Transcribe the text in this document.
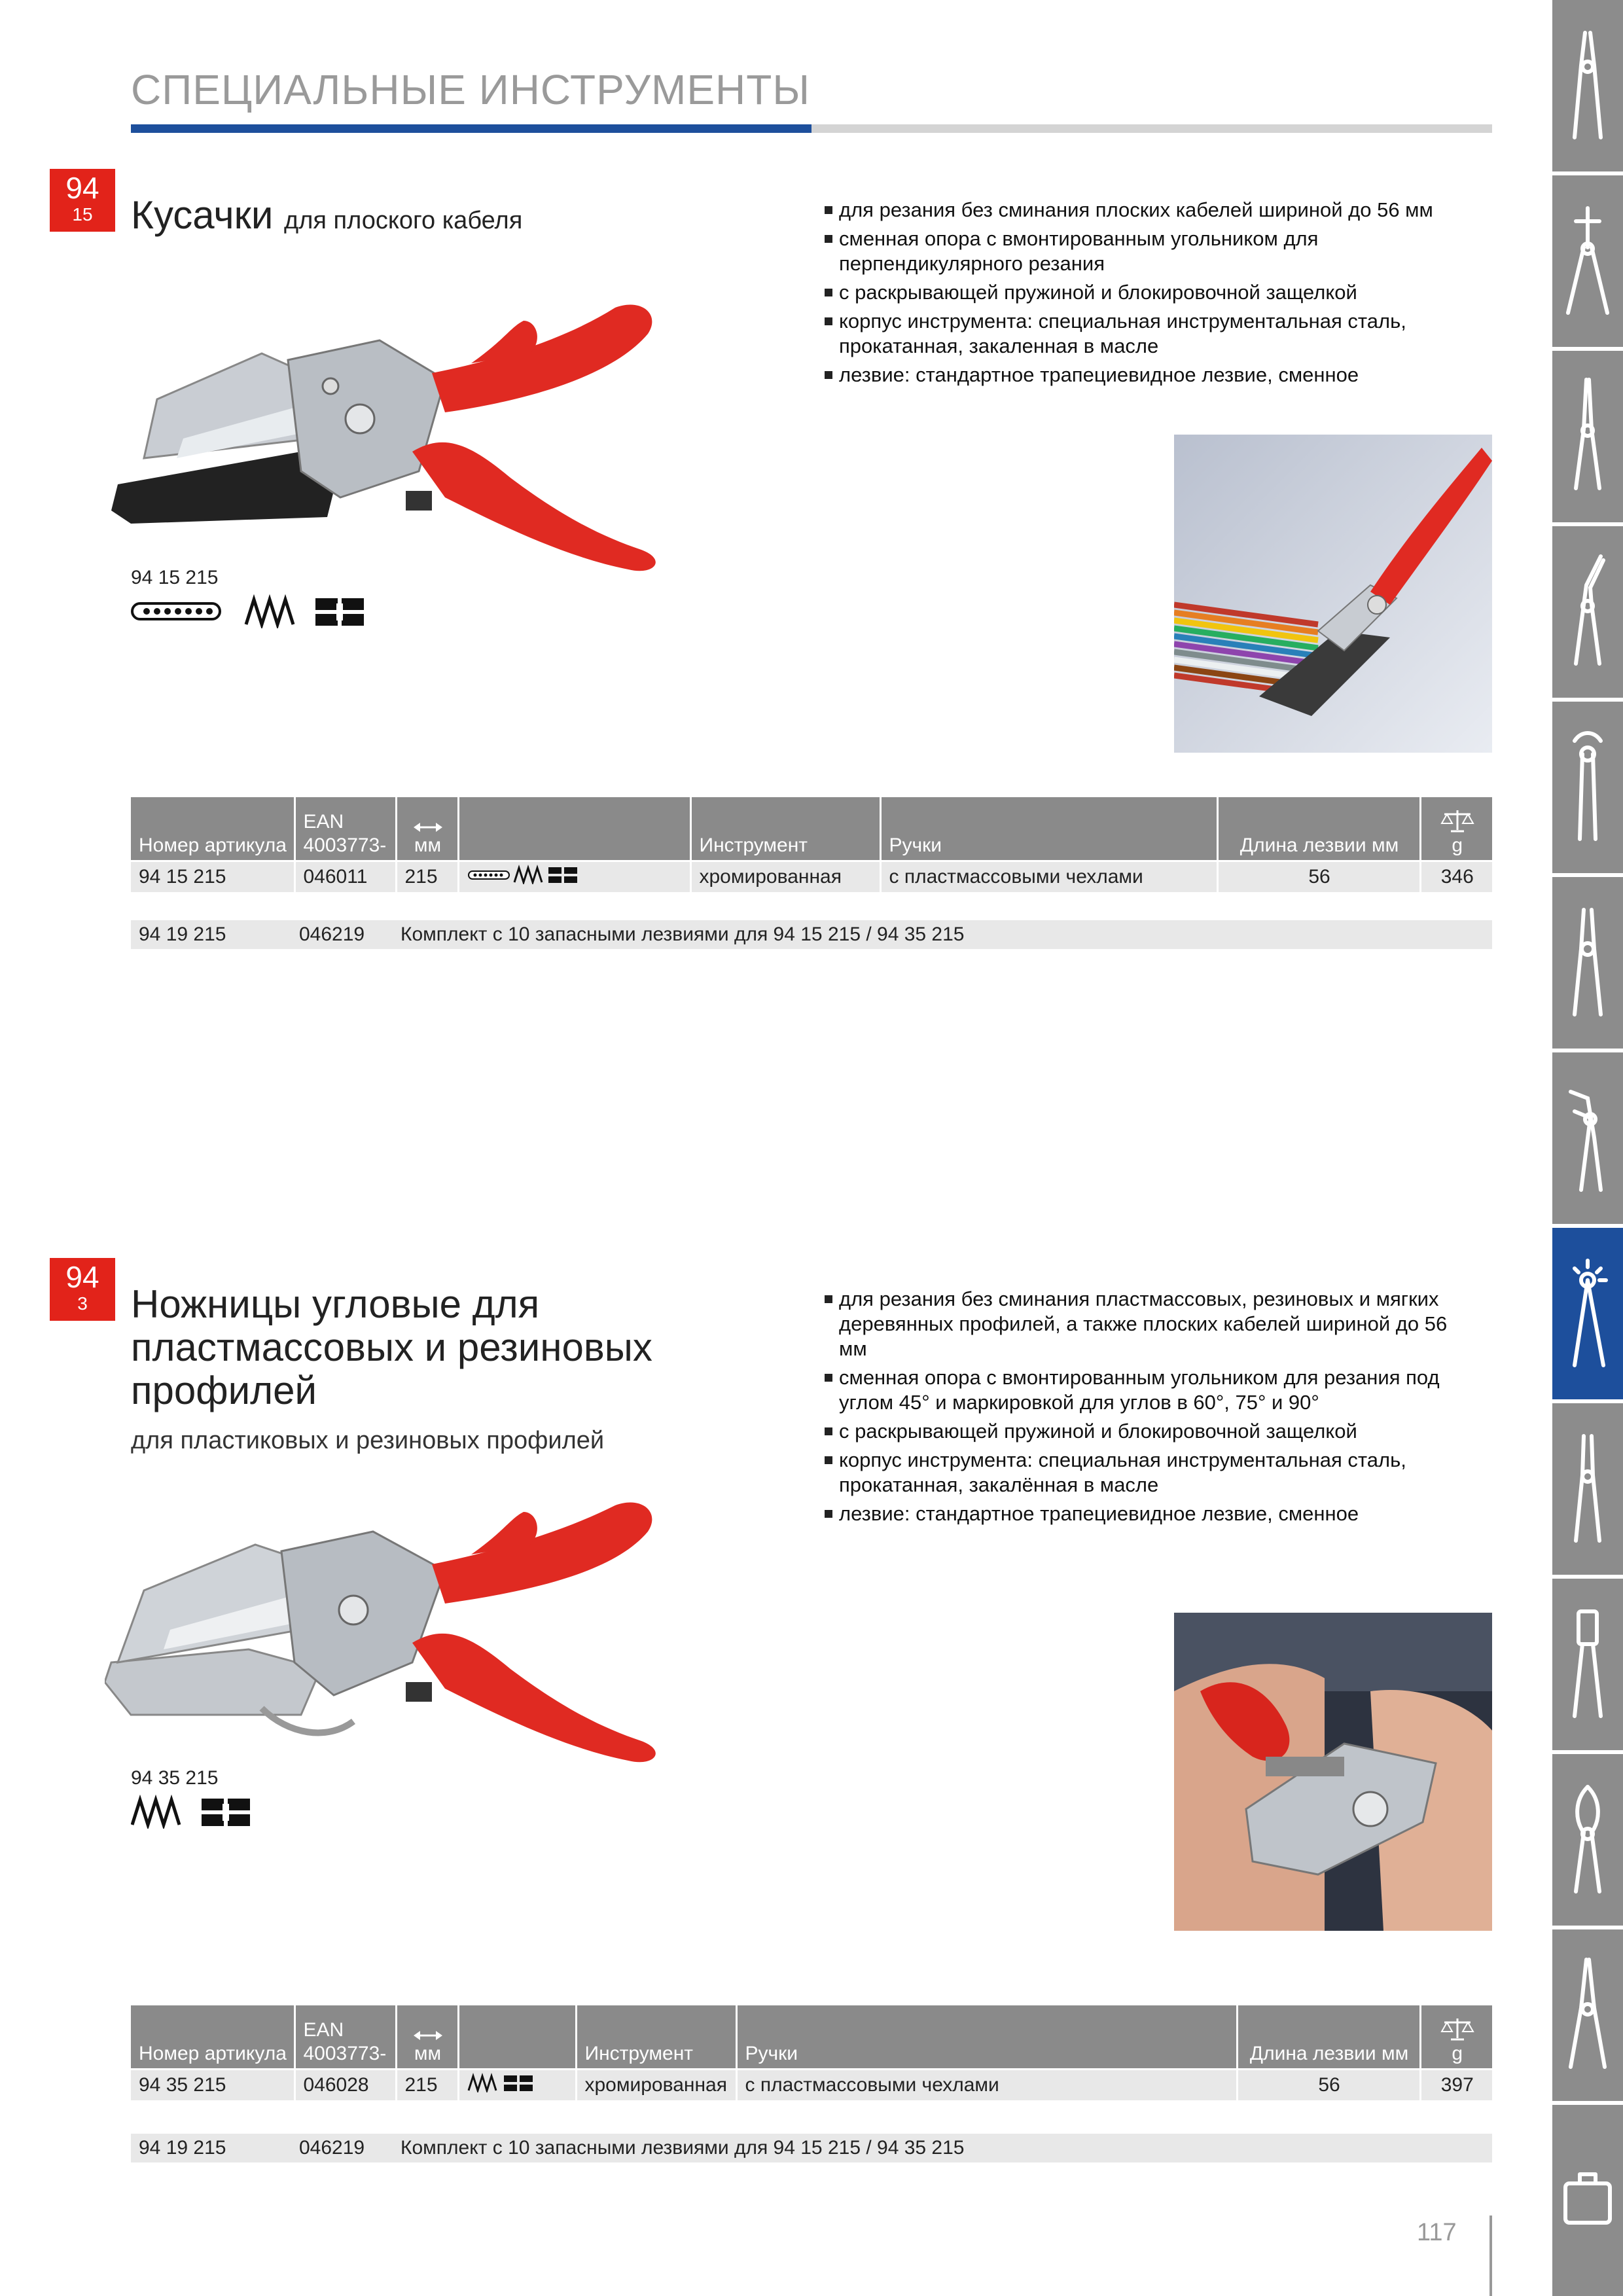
СПЕЦИАЛЬНЫЕ ИНСТРУМЕНТЫ
94
15 Кусачки для плоского кабеля	для резания без сминания плоских кабелей шириной до 56 мм
сменная опора с вмонтированным угольником для перпендикулярного резания
с раскрывающей пружиной и блокировочной защелкой
корпус инструмента: специальная инструментальная сталь, прокатанная, закаленная в масле
лезвие: стандартное трапециевидное лезвие, сменное
94 15 215
Номер артикула	EAN 4003773-	мм		Инструмент	Ручки	Длина лезвии мм	g
94 15 215	046011	215		хромированная	с пластмассовыми чехлами	56	346
94 19 215	046219 Комплект с 10 запасными лезвиями для 94 15 215 / 94 35 215
94
3	Ножницы угловые для
пластмассовых и резиновых
профилей
для пластиковых и резиновых профилей
для резания без сминания пластмассовых, резиновых и мягких деревянных профилей, а также плоских кабелей шириной до 56 мм
сменная опора с вмонтированным угольником для резания под углом 45° и маркировкой для углов в 60°, 75° и 90°
с раскрывающей пружиной и блокировочной защелкой
корпус инструмента: специальная инструментальная сталь, прокатанная, закалённая в масле
лезвие: стандартное трапециевидное лезвие, сменное
94 35 215
Номер артикула	EAN 4003773-	мм		Инструмент	Ручки	Длина лезвии мм	g
94 35 215	046028	215		хромированная	с пластмассовыми чехлами	56	397
94 19 215	046219 Комплект с 10 запасными лезвиями для 94 15 215 / 94 35 215
117
